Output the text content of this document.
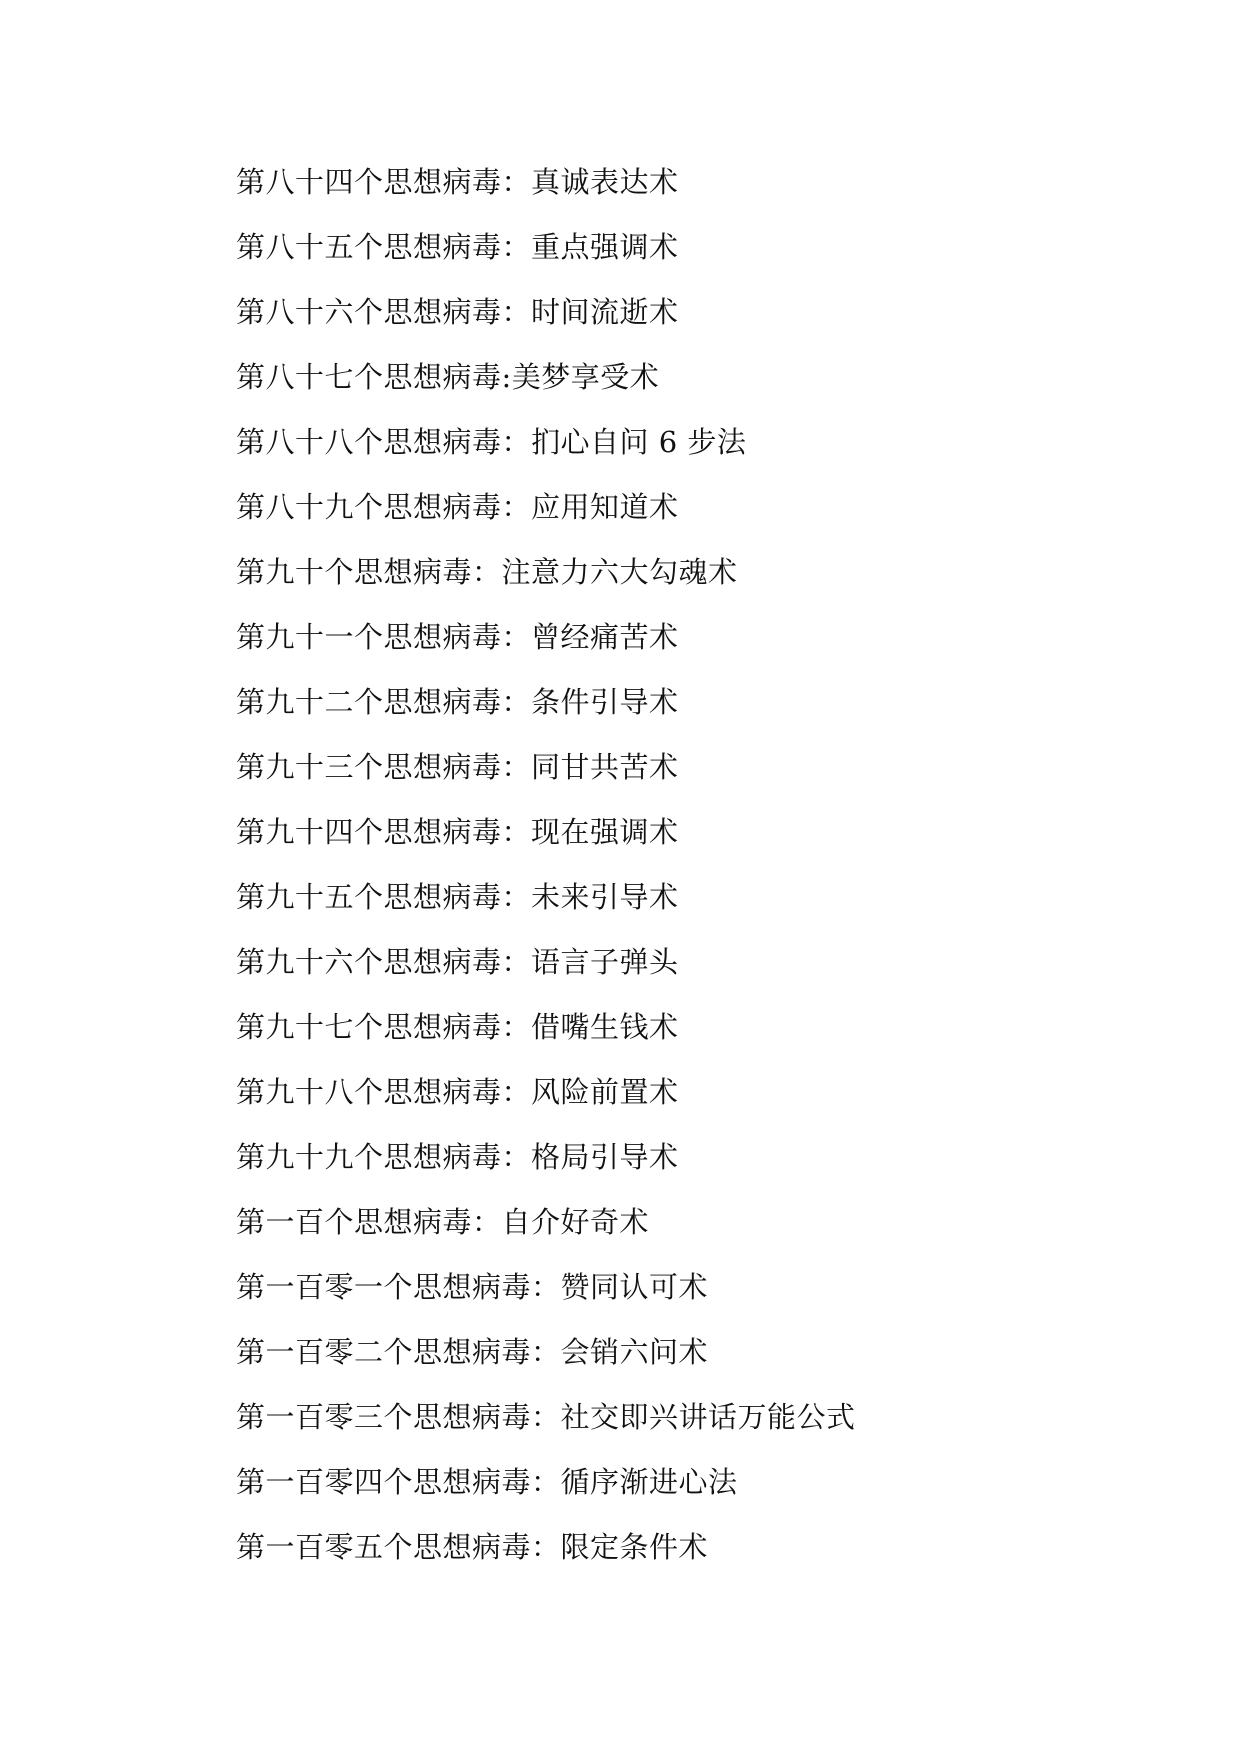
第八十四个思想病毒：真诚表达术
第八十五个思想病毒：重点强调术
第八十六个思想病毒：时间流逝术
第八十七个思想病毒:美梦享受术
第八十八个思想病毒：扪心自问 6 步法
第八十九个思想病毒：应用知道术
第九十个思想病毒：注意力六大勾魂术
第九十一个思想病毒：曾经痛苦术
第九十二个思想病毒：条件引导术
第九十三个思想病毒：同甘共苦术
第九十四个思想病毒：现在强调术
第九十五个思想病毒：未来引导术
第九十六个思想病毒：语言子弹头
第九十七个思想病毒：借嘴生钱术
第九十八个思想病毒：风险前置术
第九十九个思想病毒：格局引导术
第一百个思想病毒：自介好奇术
第一百零一个思想病毒：赞同认可术
第一百零二个思想病毒：会销六问术
第一百零三个思想病毒：社交即兴讲话万能公式
第一百零四个思想病毒：循序渐进心法
第一百零五个思想病毒：限定条件术
